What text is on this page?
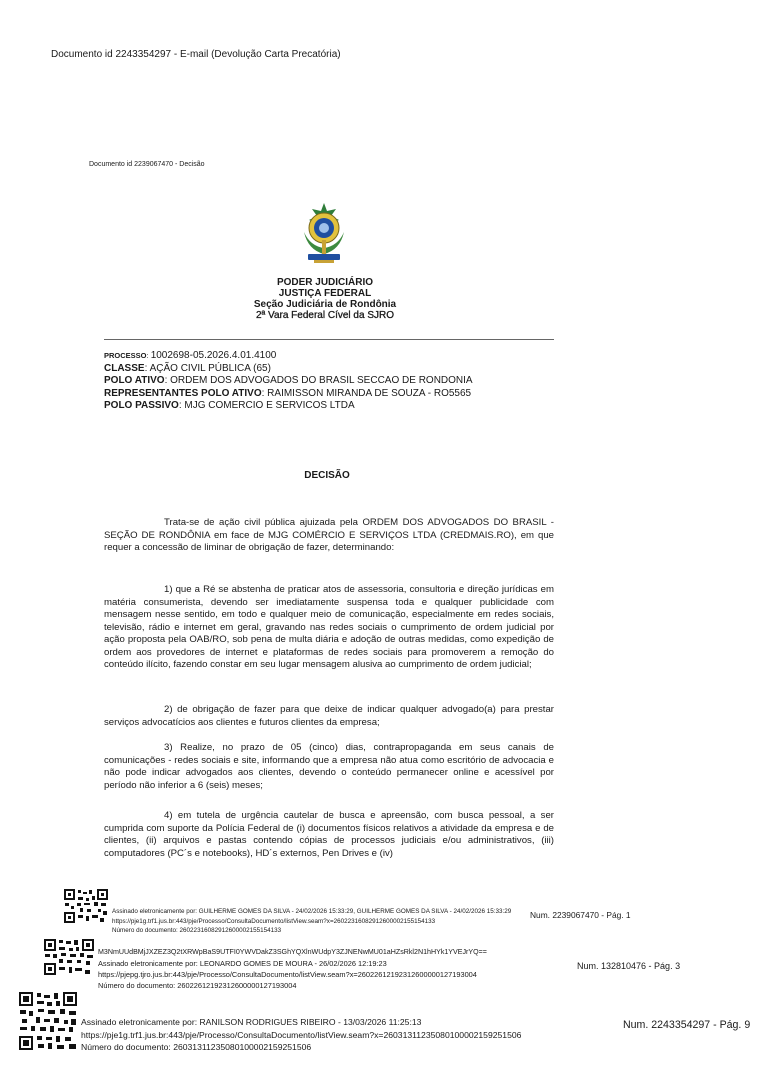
Documento id 2243354297 - E-mail (Devolução Carta Precatória)
Documento id 2239067470 - Decisão
PODER JUDICIÁRIO
JUSTIÇA FEDERAL
Seção Judiciária de Rondônia
2ª Vara Federal Cível da SJRO
PROCESSO: 1002698-05.2026.4.01.4100
CLASSE: AÇÃO CIVIL PÚBLICA (65)
POLO ATIVO: ORDEM DOS ADVOGADOS DO BRASIL SECCAO DE RONDONIA
REPRESENTANTES POLO ATIVO: RAIMISSON MIRANDA DE SOUZA - RO5565
POLO PASSIVO: MJG COMERCIO E SERVICOS LTDA
DECISÃO
Trata-se de ação civil pública ajuizada pela ORDEM DOS ADVOGADOS DO BRASIL - SEÇÃO DE RONDÔNIA em face de MJG COMÉRCIO E SERVIÇOS LTDA (CREDMAIS.RO), em que requer a concessão de liminar de obrigação de fazer, determinando:
1) que a Ré se abstenha de praticar atos de assessoria, consultoria e direção jurídicas em matéria consumerista, devendo ser imediatamente suspensa toda e qualquer publicidade com mensagem nesse sentido, em todo e qualquer meio de comunicação, especialmente em redes sociais, televisão, rádio e internet em geral, gravando nas redes sociais o cumprimento de ordem judicial por ação proposta pela OAB/RO, sob pena de multa diária e adoção de outras medidas, como expedição de ordem aos provedores de internet e plataformas de redes sociais para promoverem a remoção do conteúdo ilícito, fazendo constar em seu lugar mensagem alusiva ao cumprimento de ordem judicial;
2) de obrigação de fazer para que deixe de indicar qualquer advogado(a) para prestar serviços advocatícios aos clientes e futuros clientes da empresa;
3) Realize, no prazo de 05 (cinco) dias, contrapropaganda em seus canais de comunicações - redes sociais e site, informando que a empresa não atua como escritório de advocacia e não pode indicar advogados aos clientes, devendo o conteúdo permanecer online e acessível por período não inferior a 6 (seis) meses;
4) em tutela de urgência cautelar de busca e apreensão, com busca pessoal, a ser cumprida com suporte da Polícia Federal de (i) documentos físicos relativos a atividade da empresa e de clientes, (ii) arquivos e pastas contendo cópias de processos judiciais e/ou administrativos, (iii) computadores (PC´s e notebooks), HD´s externos, Pen Drives e (iv)
Assinado eletronicamente por: GUILHERME GOMES DA SILVA - 24/02/2026 15:33:29, GUILHERME GOMES DA SILVA - 24/02/2026 15:33:29
https://pje1g.trf1.jus.br:443/pje/Processo/ConsultaDocumento/listView.seam?x=26022316082912600002155154133
Número do documento: 26022316082912600002155154133
Num. 2239067470 - Pág. 1
M3NmUUdBMjJXZEZ3Q2tXRWpBaS9UTFI0YWVDakZ3SGhYQXlnWUdpY3ZJNENwMU01aHZsRkl2N1hHYk1YVEJrYQ==
Assinado eletronicamente por: LEONARDO GOMES DE MOURA - 26/02/2026 12:19:23
https://pjepg.tjro.jus.br:443/pje/Processo/ConsultaDocumento/listView.seam?x=26022612192312600000127193004
Número do documento: 26022612192312600000127193004
Num. 132810476 - Pág. 3
Assinado eletronicamente por: RANILSON RODRIGUES RIBEIRO - 13/03/2026 11:25:13
https://pje1g.trf1.jus.br:443/pje/Processo/ConsultaDocumento/listView.seam?x=26031311235080100002159251506
Número do documento: 26031311235080100002159251506
Num. 2243354297 - Pág. 9
